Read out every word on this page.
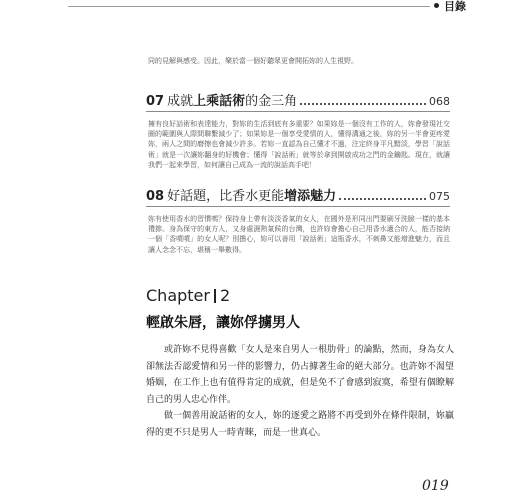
目錄
同的見解與感受。因此，樂於當一個好聽眾更會開拓妳的人生視野。
07 成就上乘話術的金三角	068
擁有良好話術和表達能力，對妳的生活到底有多重要？如果妳是一個沒有工作的人，妳會發現社交圈的範圍與人際間聯繫減少了；如果妳是一個享受愛情的人，懂得溝通之後，妳的另一半會更疼愛妳，兩人之間的磨擦也會減少許多。若妳一直認為自己懂才不過，注定終身平凡黯淡，學習「說話術」就是一次讓妳翻身的好機會；懂得「說話術」就等於拿到開啟成功之門的金鑰匙。現在，就讓我們一起來學習，如何讓自己成為一流的說話高手吧！
08 好話題，比香水更能增添魅力	075
妳有使用香水的習慣嗎？保持身上帶有淡淡香氣的女人，在國外是形同出門要刷牙洗臉一樣的基本禮節。身為保守的東方人，又身處濕熱氣候的台灣，也許妳會擔心自己用香水適合的人，能否接納一個「香噴噴」的女人呢？別擔心，妳可以善用「說話術」這瓶香水，不刺鼻又能增進魅力，而且讓人念念不忘，堪稱一舉數得。
Chapter 2
輕啟朱唇，讓妳俘擄男人

或許妳不見得喜歡「女人是來自男人一根肋骨」的論點，然而，身為女人卻無法否認愛情和另一伴的影響力，仍占據著生命的絕大部分。也許妳不渴望婚姻，在工作上也有值得肯定的成就，但是免不了會感到寂寞，希望有個瞭解自己的男人忠心作伴。

做一個善用說話術的女人，妳的逐愛之路將不再受到外在條件限制，妳贏得的更不只是男人一時青睞，而是一世真心。

019
